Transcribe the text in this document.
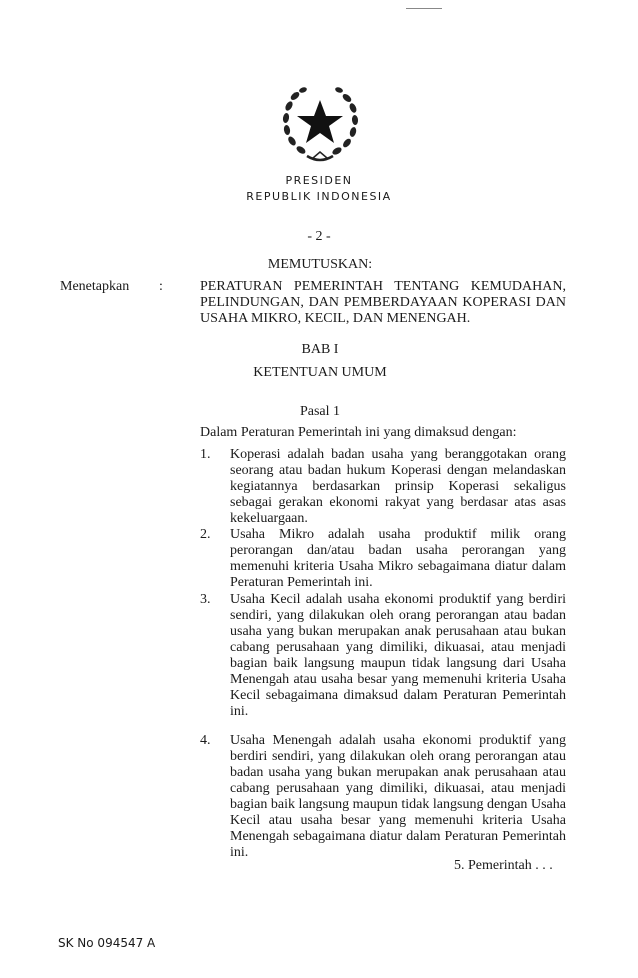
PRESIDEN
REPUBLIK INDONESIA
- 2 -
MEMUTUSKAN:
Menetapkan :	PERATURAN PEMERINTAH TENTANG KEMUDAHAN, PELINDUNGAN, DAN PEMBERDAYAAN KOPERASI DAN USAHA MIKRO, KECIL, DAN MENENGAH.
BAB I
KETENTUAN UMUM
Pasal 1
Dalam Peraturan Pemerintah ini yang dimaksud dengan:
1.	Koperasi adalah badan usaha yang beranggotakan orang seorang atau badan hukum Koperasi dengan melandaskan kegiatannya berdasarkan prinsip Koperasi sekaligus sebagai gerakan ekonomi rakyat yang berdasar atas asas kekeluargaan.
2.	Usaha Mikro adalah usaha produktif milik orang perorangan dan/atau badan usaha perorangan yang memenuhi kriteria Usaha Mikro sebagaimana diatur dalam Peraturan Pemerintah ini.
3.	Usaha Kecil adalah usaha ekonomi produktif yang berdiri sendiri, yang dilakukan oleh orang perorangan atau badan usaha yang bukan merupakan anak perusahaan atau bukan cabang perusahaan yang dimiliki, dikuasai, atau menjadi bagian baik langsung maupun tidak langsung dari Usaha Menengah atau usaha besar yang memenuhi kriteria Usaha Kecil sebagaimana dimaksud dalam Peraturan Pemerintah ini.
4.	Usaha Menengah adalah usaha ekonomi produktif yang berdiri sendiri, yang dilakukan oleh orang perorangan atau badan usaha yang bukan merupakan anak perusahaan atau cabang perusahaan yang dimiliki, dikuasai, atau menjadi bagian baik langsung maupun tidak langsung dengan Usaha Kecil atau usaha besar yang memenuhi kriteria Usaha Menengah sebagaimana diatur dalam Peraturan Pemerintah ini.
5. Pemerintah . . .
SK No 094547 A
